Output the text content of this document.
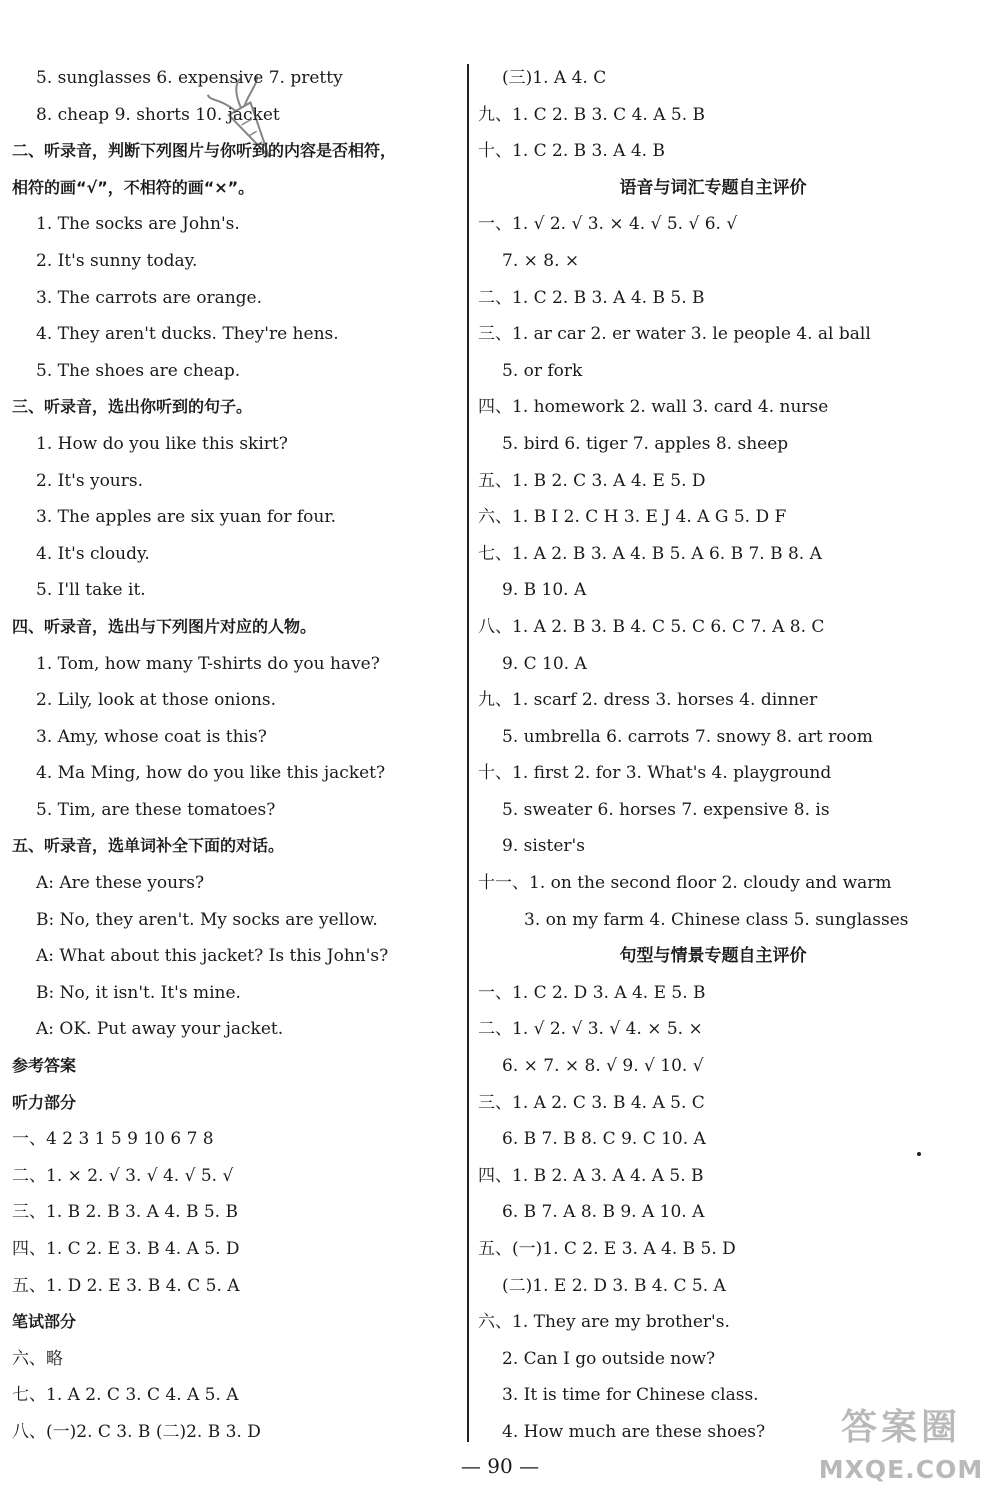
5. sunglasses 6. expensive 7. pretty
8. cheap 9. shorts 10. jacket
二、听录音，判断下列图片与你听到的内容是否相符，
相符的画“√”，不相符的画“×”。
1. The socks are John's.
2. It's sunny today.
3. The carrots are orange.
4. They aren't ducks. They're hens.
5. The shoes are cheap.
三、听录音，选出你听到的句子。
1. How do you like this skirt?
2. It's yours.
3. The apples are six yuan for four.
4. It's cloudy.
5. I'll take it.
四、听录音，选出与下列图片对应的人物。
1. Tom, how many T-shirts do you have?
2. Lily, look at those onions.
3. Amy, whose coat is this?
4. Ma Ming, how do you like this jacket?
5. Tim, are these tomatoes?
五、听录音，选单词补全下面的对话。
A: Are these yours?
B: No, they aren't. My socks are yellow.
A: What about this jacket? Is this John's?
B: No, it isn't. It's mine.
A: OK. Put away your jacket.
参考答案
听力部分
一、4 2 3 1 5 9 10 6 7 8
二、1. × 2. √ 3. √ 4. √ 5. √
三、1. B 2. B 3. A 4. B 5. B
四、1. C 2. E 3. B 4. A 5. D
五、1. D 2. E 3. B 4. C 5. A
笔试部分
六、略
七、1. A 2. C 3. C 4. A 5. A
八、(一)2. C 3. B (二)2. B 3. D
(三)1. A 4. C
九、1. C 2. B 3. C 4. A 5. B
十、1. C 2. B 3. A 4. B
语音与词汇专题自主评价
一、1. √ 2. √ 3. × 4. √ 5. √ 6. √
7. × 8. ×
二、1. C 2. B 3. A 4. B 5. B
三、1. ar car 2. er water 3. le people 4. al ball
5. or fork
四、1. homework 2. wall 3. card 4. nurse
5. bird 6. tiger 7. apples 8. sheep
五、1. B 2. C 3. A 4. E 5. D
六、1. B I 2. C H 3. E J 4. A G 5. D F
七、1. A 2. B 3. A 4. B 5. A 6. B 7. B 8. A
9. B 10. A
八、1. A 2. B 3. B 4. C 5. C 6. C 7. A 8. C
9. C 10. A
九、1. scarf 2. dress 3. horses 4. dinner
5. umbrella 6. carrots 7. snowy 8. art room
十、1. first 2. for 3. What's 4. playground
5. sweater 6. horses 7. expensive 8. is
9. sister's
十一、1. on the second floor 2. cloudy and warm
3. on my farm 4. Chinese class 5. sunglasses
句型与情景专题自主评价
一、1. C 2. D 3. A 4. E 5. B
二、1. √ 2. √ 3. √ 4. × 5. ×
6. × 7. × 8. √ 9. √ 10. √
三、1. A 2. C 3. B 4. A 5. C
6. B 7. B 8. C 9. C 10. A
四、1. B 2. A 3. A 4. A 5. B
6. B 7. A 8. B 9. A 10. A
五、(一)1. C 2. E 3. A 4. B 5. D
(二)1. E 2. D 3. B 4. C 5. A
六、1. They are my brother's.
2. Can I go outside now?
3. It is time for Chinese class.
4. How much are these shoes?
— 90 —
答案圈
MXQE.COM
